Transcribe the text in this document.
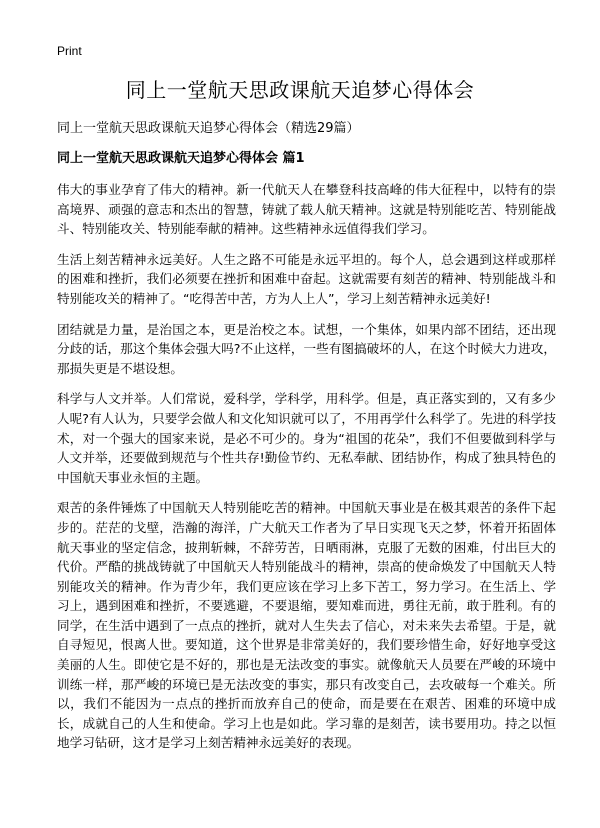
Print
同上一堂航天思政课航天追梦心得体会
同上一堂航天思政课航天追梦心得体会（精选29篇）
同上一堂航天思政课航天追梦心得体会 篇1

伟大的事业孕育了伟大的精神。新一代航天人在攀登科技高峰的伟大征程中，以特有的崇高境界、顽强的意志和杰出的智慧，铸就了载人航天精神。这就是特别能吃苦、特别能战斗、特别能攻关、特别能奉献的精神。这些精神永远值得我们学习。

生活上刻苦精神永远美好。人生之路不可能是永远平坦的。每个人，总会遇到这样或那样的困难和挫折，我们必须要在挫折和困难中奋起。这就需要有刻苦的精神、特别能战斗和特别能攻关的精神了。“吃得苦中苦，方为人上人”，学习上刻苦精神永远美好!

团结就是力量，是治国之本，更是治校之本。试想，一个集体，如果内部不团结，还出现分歧的话，那这个集体会强大吗?不止这样，一些有图搞破坏的人，在这个时候大力进攻，那损失更是不堪设想。

科学与人文并举。人们常说，爱科学，学科学，用科学。但是，真正落实到的，又有多少人呢?有人认为，只要学会做人和文化知识就可以了，不用再学什么科学了。先进的科学技术，对一个强大的国家来说，是必不可少的。身为“祖国的花朵”，我们不但要做到科学与人文并举，还要做到规范与个性共存!勤俭节约、无私奉献、团结协作，构成了独具特色的中国航天事业永恒的主题。

艰苦的条件锤炼了中国航天人特别能吃苦的精神。中国航天事业是在极其艰苦的条件下起步的。茫茫的戈壁，浩瀚的海洋，广大航天工作者为了早日实现飞天之梦，怀着开拓固体航天事业的坚定信念，披荆斩棘，不辞劳苦，日晒雨淋，克服了无数的困难，付出巨大的代价。严酷的挑战铸就了中国航天人特别能战斗的精神，崇高的使命焕发了中国航天人特别能攻关的精神。作为青少年，我们更应该在学习上多下苦工，努力学习。在生活上、学习上，遇到困难和挫折，不要逃避，不要退缩，要知难而进，勇往无前，敢于胜利。有的同学，在生活中遇到了一点点的挫折，就对人生失去了信心，对未来失去希望。于是，就自寻短见，恨离人世。要知道，这个世界是非常美好的，我们要珍惜生命，好好地享受这美丽的人生。即使它是不好的，那也是无法改变的事实。就像航天人员要在严峻的环境中训练一样，那严峻的环境已是无法改变的事实，那只有改变自己，去攻破每一个难关。所以，我们不能因为一点点的挫折而放弃自己的使命，而是要在在艰苦、困难的环境中成长，成就自己的人生和使命。学习上也是如此。学习靠的是刻苦，读书要用功。持之以恒地学习钻研，这才是学习上刻苦精神永远美好的表现。
